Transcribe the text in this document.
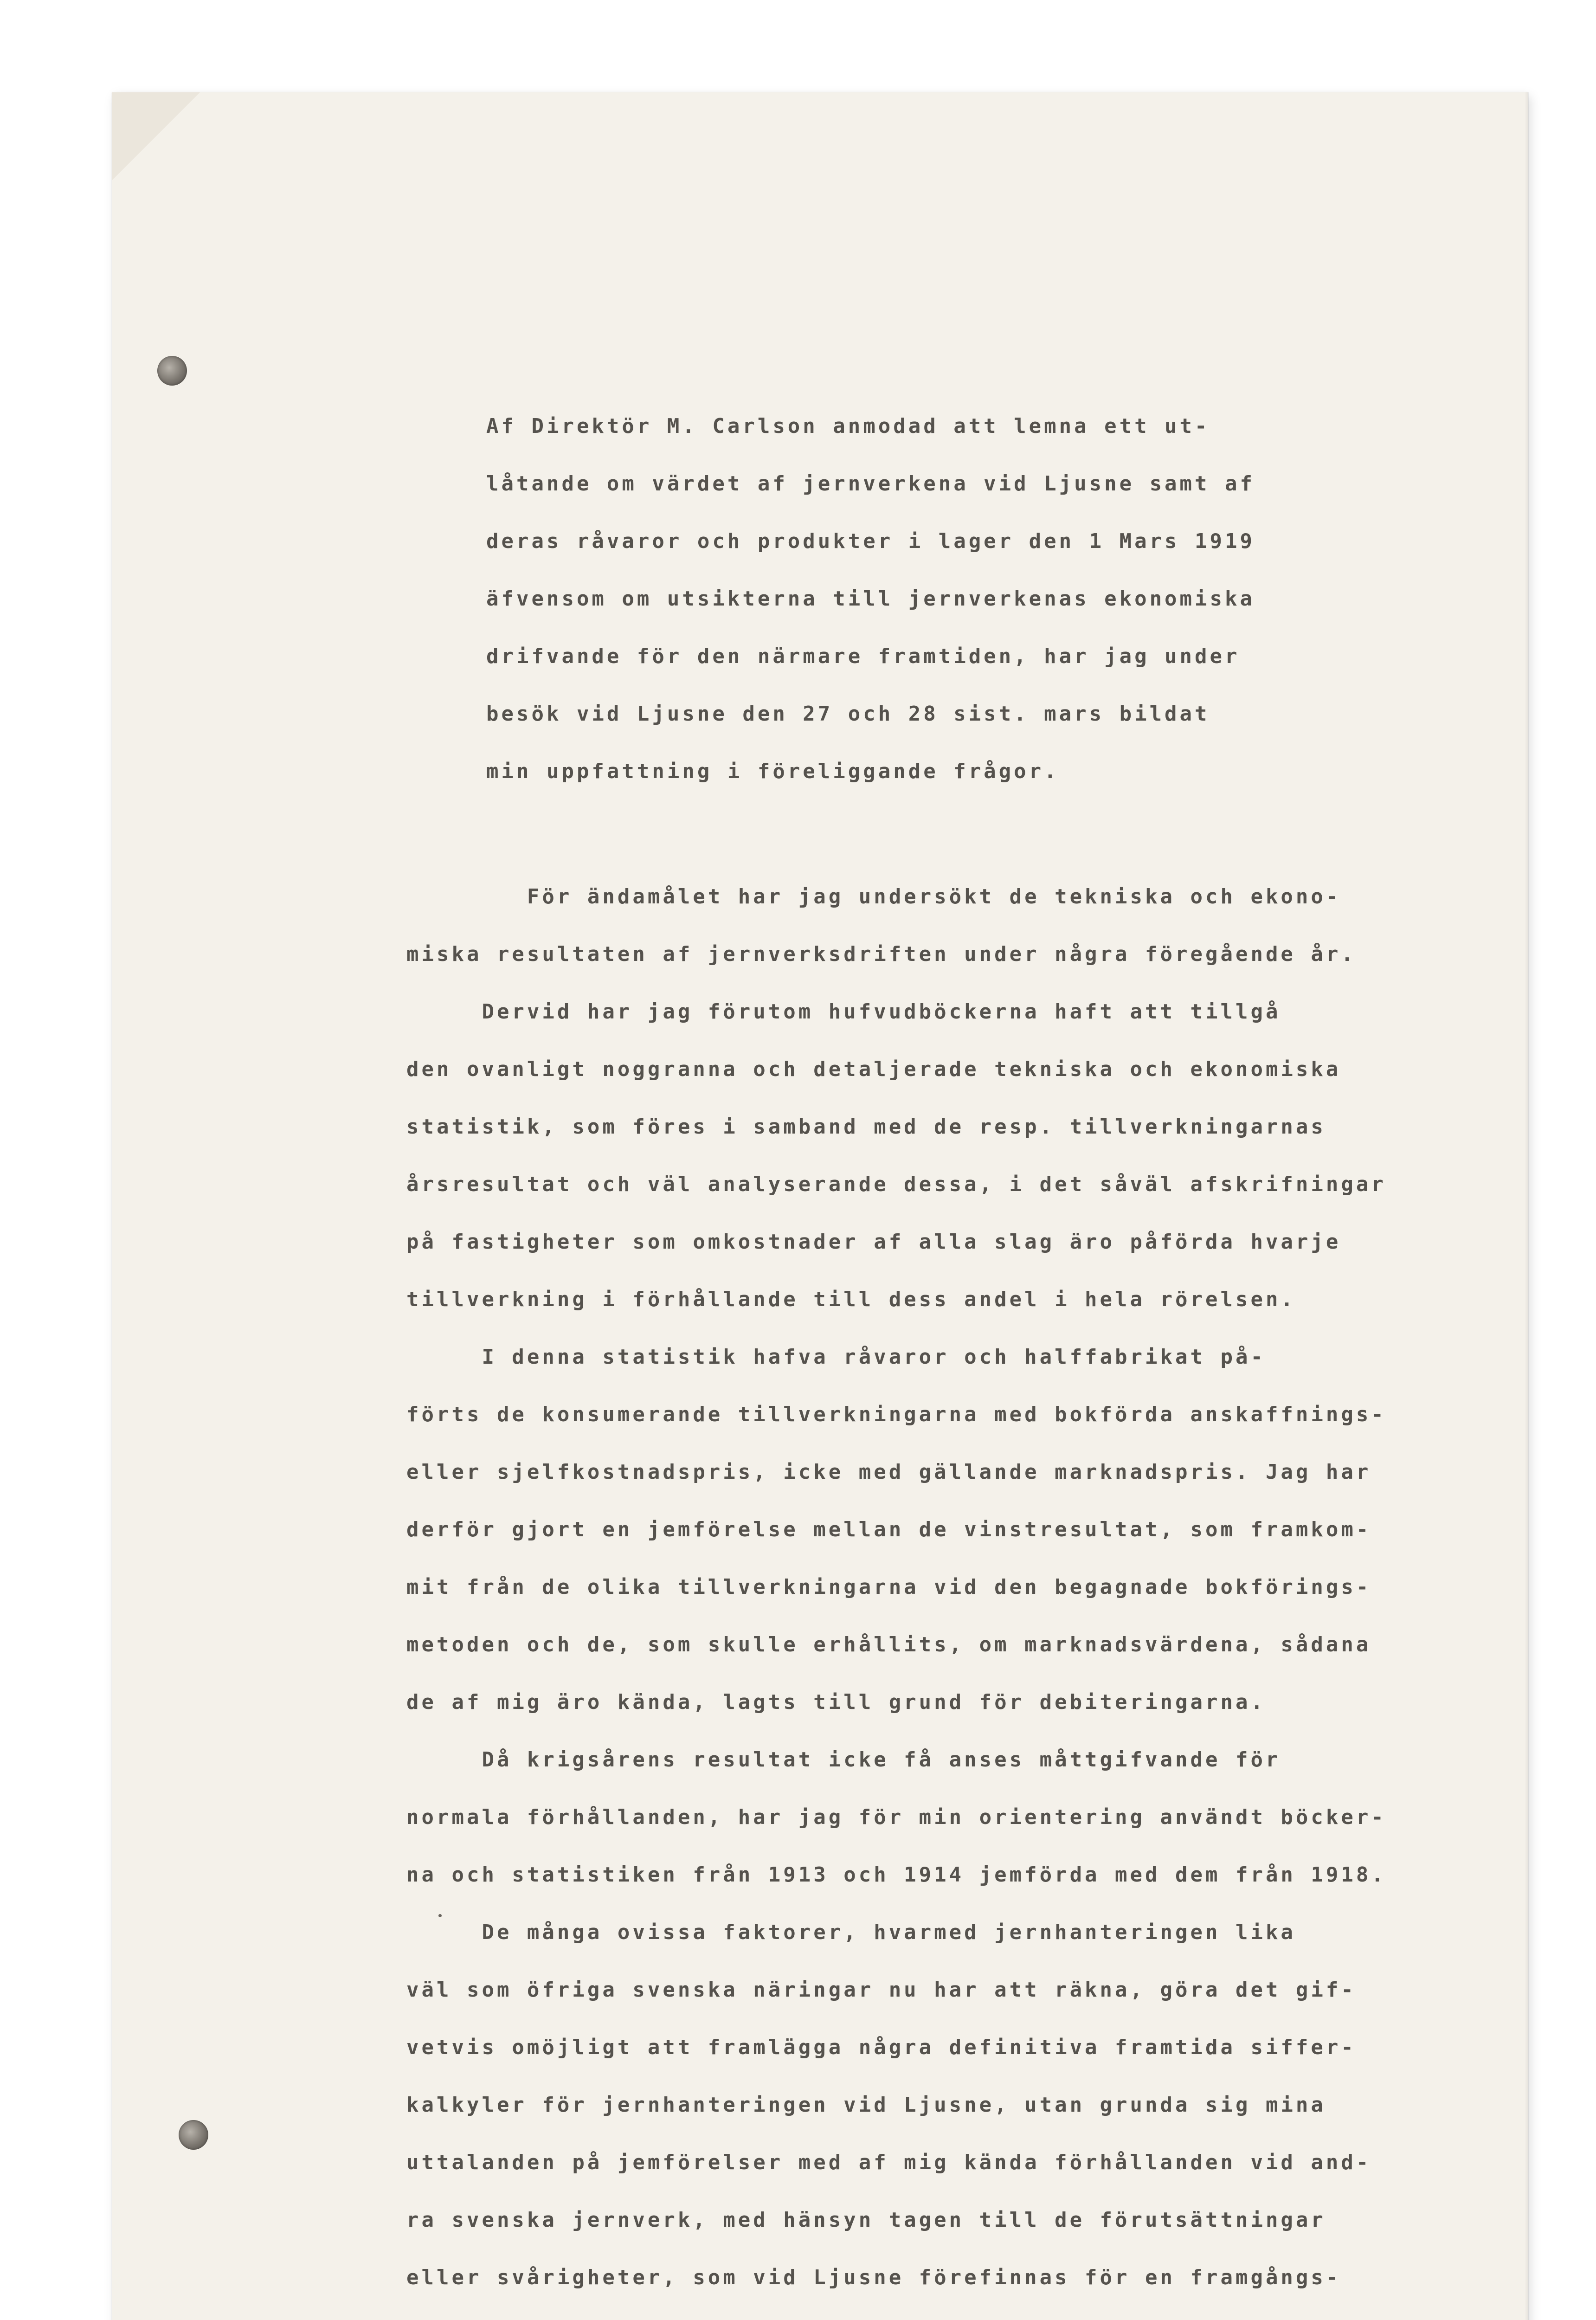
Af Direktör M. Carlson anmodad att lemna ett ut-
låtande om värdet af jernverkena vid Ljusne samt af
deras råvaror och produkter i lager den 1 Mars 1919
äfvensom om utsikterna till jernverkenas ekonomiska
drifvande för den närmare framtiden, har jag under
besök vid Ljusne den 27 och 28 sist. mars bildat
min uppfattning i föreliggande frågor.
För ändamålet har jag undersökt de tekniska och ekono-
miska resultaten af jernverksdriften under några föregående år.
Dervid har jag förutom hufvudböckerna haft att tillgå
den ovanligt noggranna och detaljerade tekniska och ekonomiska
statistik, som föres i samband med de resp. tillverkningarnas
årsresultat och väl analyserande dessa, i det såväl afskrifningar
på fastigheter som omkostnader af alla slag äro påförda hvarje
tillverkning i förhållande till dess andel i hela rörelsen.
I denna statistik hafva råvaror och halffabrikat på-
förts de konsumerande tillverkningarna med bokförda anskaffnings-
eller sjelfkostnadspris, icke med gällande marknadspris. Jag har
derför gjort en jemförelse mellan de vinstresultat, som framkom-
mit från de olika tillverkningarna vid den begagnade bokförings-
metoden och de, som skulle erhållits, om marknadsvärdena, sådana
de af mig äro kända, lagts till grund för debiteringarna.
Då krigsårens resultat icke få anses måttgifvande för
normala förhållanden, har jag för min orientering användt böcker-
na och statistiken från 1913 och 1914 jemförda med dem från 1918.
De många ovissa faktorer, hvarmed jernhanteringen lika
väl som öfriga svenska näringar nu har att räkna, göra det gif-
vetvis omöjligt att framlägga några definitiva framtida siffer-
kalkyler för jernhanteringen vid Ljusne, utan grunda sig mina
uttalanden på jemförelser med af mig kända förhållanden vid and-
ra svenska jernverk, med hänsyn tagen till de förutsättningar
eller svårigheter, som vid Ljusne förefinnas för en framgångs-
